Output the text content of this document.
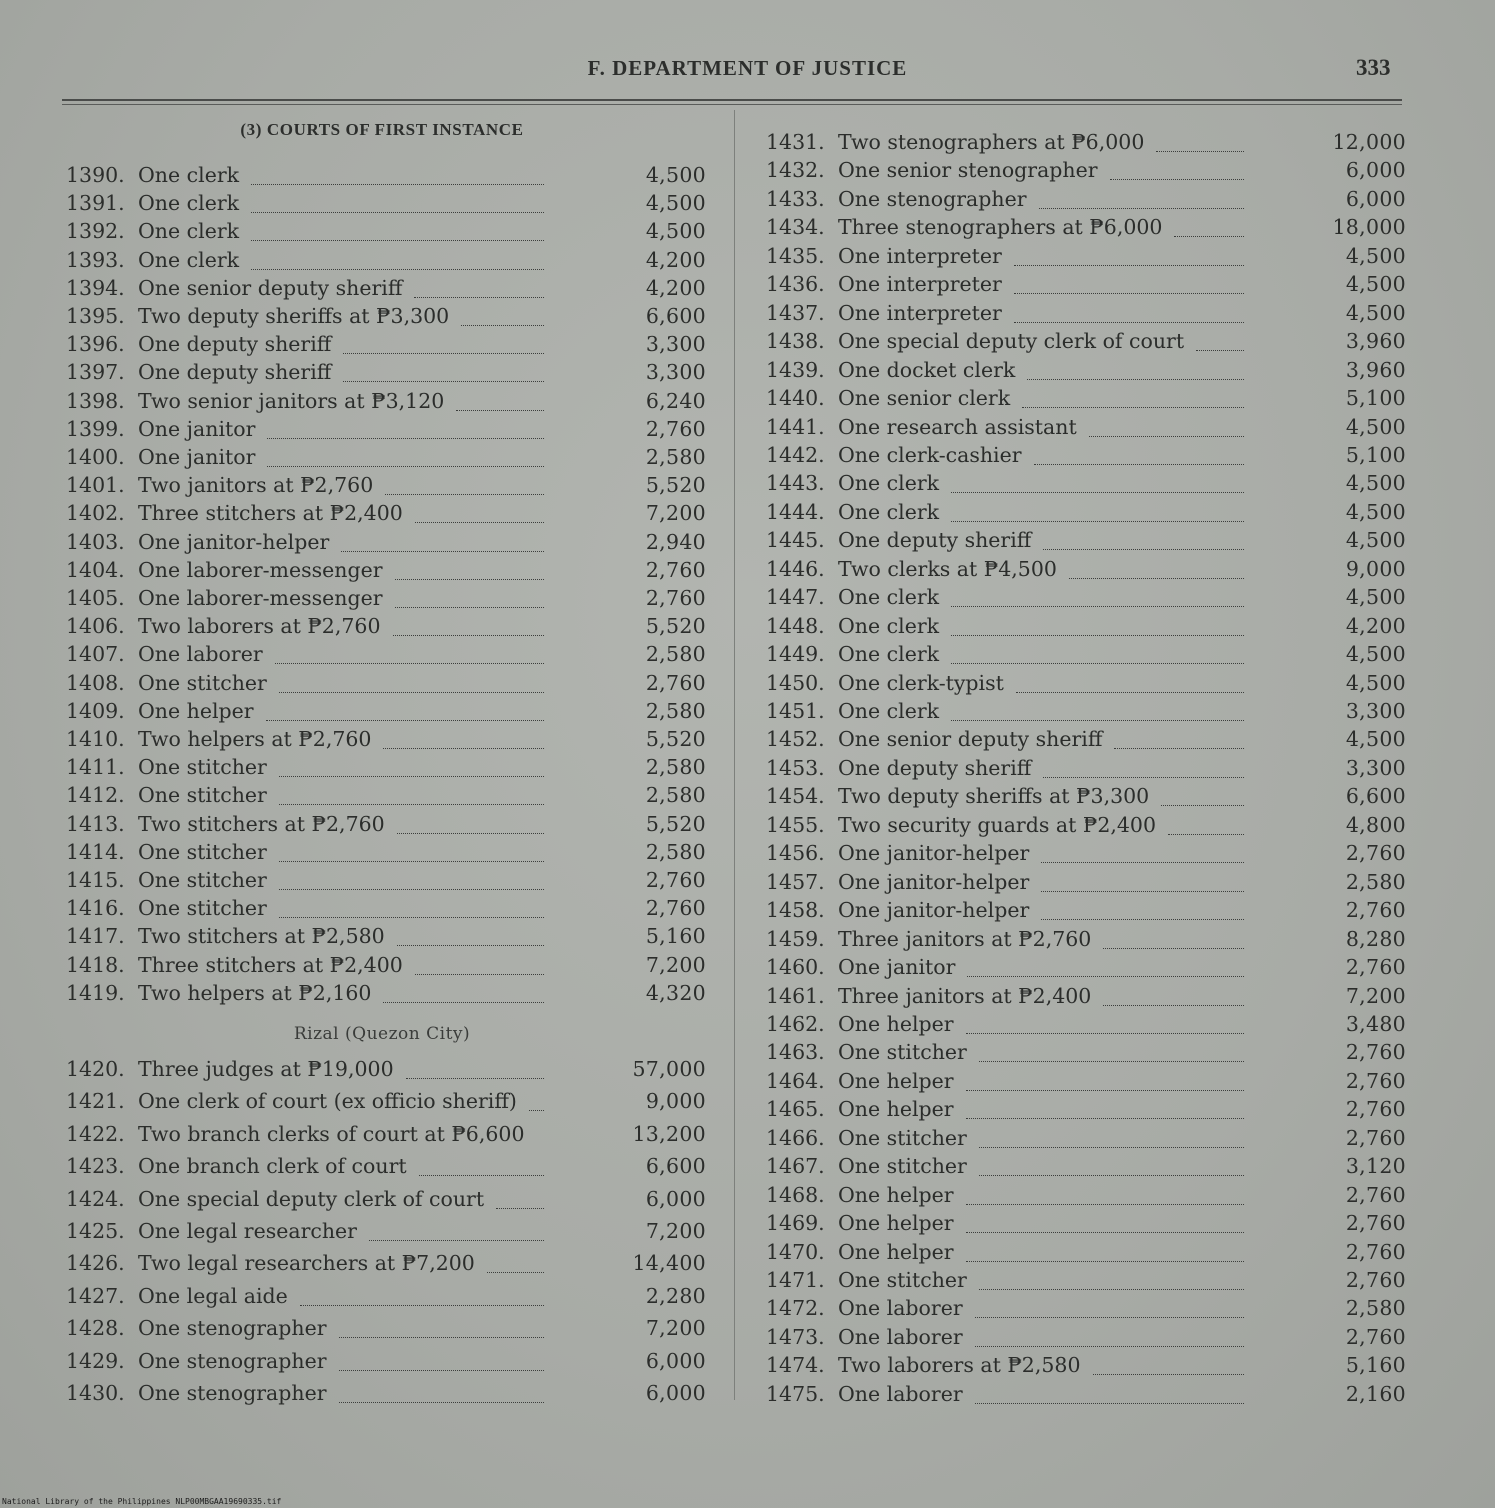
F. DEPARTMENT OF JUSTICE	333
(3) COURTS OF FIRST INSTANCE
Rizal (Quezon City)
1390. One clerk	4,500
1391. One clerk	4,500
1392. One clerk	4,500
1393. One clerk	4,200
1394. One senior deputy sheriff	4,200
1395. Two deputy sheriffs at ₱3,300	6,600
1396. One deputy sheriff	3,300
1397. One deputy sheriff	3,300
1398. Two senior janitors at ₱3,120	6,240
1399. One janitor	2,760
1400. One janitor	2,580
1401. Two janitors at ₱2,760	5,520
1402. Three stitchers at ₱2,400	7,200
1403. One janitor-helper	2,940
1404. One laborer-messenger	2,760
1405. One laborer-messenger	2,760
1406. Two laborers at ₱2,760	5,520
1407. One laborer	2,580
1408. One stitcher	2,760
1409. One helper	2,580
1410. Two helpers at ₱2,760	5,520
1411. One stitcher	2,580
1412. One stitcher	2,580
1413. Two stitchers at ₱2,760	5,520
1414. One stitcher	2,580
1415. One stitcher	2,760
1416. One stitcher	2,760
1417. Two stitchers at ₱2,580	5,160
1418. Three stitchers at ₱2,400	7,200
1419. Two helpers at ₱2,160	4,320
1420. Three judges at ₱19,000	57,000
1421. One clerk of court (ex officio sheriff)	9,000
1422. Two branch clerks of court at ₱6,600	13,200
1423. One branch clerk of court	6,600
1424. One special deputy clerk of court	6,000
1425. One legal researcher	7,200
1426. Two legal researchers at ₱7,200	14,400
1427. One legal aide	2,280
1428. One stenographer	7,200
1429. One stenographer	6,000
1430. One stenographer	6,000
1431. Two stenographers at ₱6,000	12,000
1432. One senior stenographer	6,000
1433. One stenographer	6,000
1434. Three stenographers at ₱6,000	18,000
1435. One interpreter	4,500
1436. One interpreter	4,500
1437. One interpreter	4,500
1438. One special deputy clerk of court	3,960
1439. One docket clerk	3,960
1440. One senior clerk	5,100
1441. One research assistant	4,500
1442. One clerk-cashier	5,100
1443. One clerk	4,500
1444. One clerk	4,500
1445. One deputy sheriff	4,500
1446. Two clerks at ₱4,500	9,000
1447. One clerk	4,500
1448. One clerk	4,200
1449. One clerk	4,500
1450. One clerk-typist	4,500
1451. One clerk	3,300
1452. One senior deputy sheriff	4,500
1453. One deputy sheriff	3,300
1454. Two deputy sheriffs at ₱3,300	6,600
1455. Two security guards at ₱2,400	4,800
1456. One janitor-helper	2,760
1457. One janitor-helper	2,580
1458. One janitor-helper	2,760
1459. Three janitors at ₱2,760	8,280
1460. One janitor	2,760
1461. Three janitors at ₱2,400	7,200
1462. One helper	3,480
1463. One stitcher	2,760
1464. One helper	2,760
1465. One helper	2,760
1466. One stitcher	2,760
1467. One stitcher	3,120
1468. One helper	2,760
1469. One helper	2,760
1470. One helper	2,760
1471. One stitcher	2,760
1472. One laborer	2,580
1473. One laborer	2,760
1474. Two laborers at ₱2,580	5,160
1475. One laborer	2,160
National Library of the Philippines NLP00MBGAA19690335.tif
